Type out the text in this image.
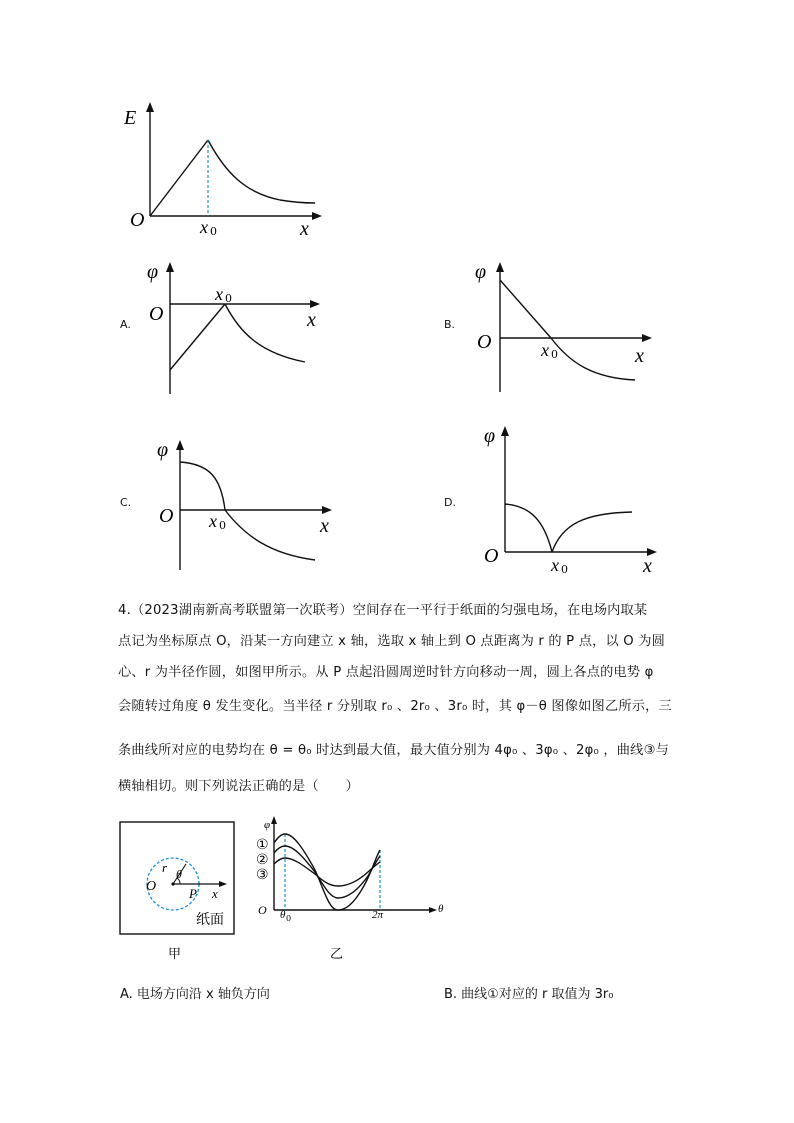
E
O	x 0	x
A.
φ
O
x 0
x	B.
φ
O	x 0	x
C.
φ
O x 0	x
D.
φ
O	x 0	x
4.（2023湖南新高考联盟第一次联考）空间存在一平行于纸面的匀强电场，在电场内取某
点记为坐标原点 O，沿某一方向建立 x 轴，选取 x 轴上到 O 点距离为 r 的 P 点，以 O 为圆
心、r 为半径作圆，如图甲所示。从 P 点起沿圆周逆时针方向移动一周，圆上各点的电势 φ
会随转过角度 θ 发生变化。当半径 r 分别取 r₀ 、2r₀ 、3r₀ 时，其 φ－θ 图像如图乙所示，三
条曲线所对应的电势均在 θ = θ₀ 时达到最大值，最大值分别为 4φ₀ 、3φ₀ 、2φ₀ ，曲线③与
横轴相切。则下列说法正确的是（　　）
r θ
O	P x
纸面
甲
φ
O θ 0	2π	θ
①
②
③
乙
A. 电场方向沿 x 轴负方向	B. 曲线①对应的 r 取值为 3r₀
